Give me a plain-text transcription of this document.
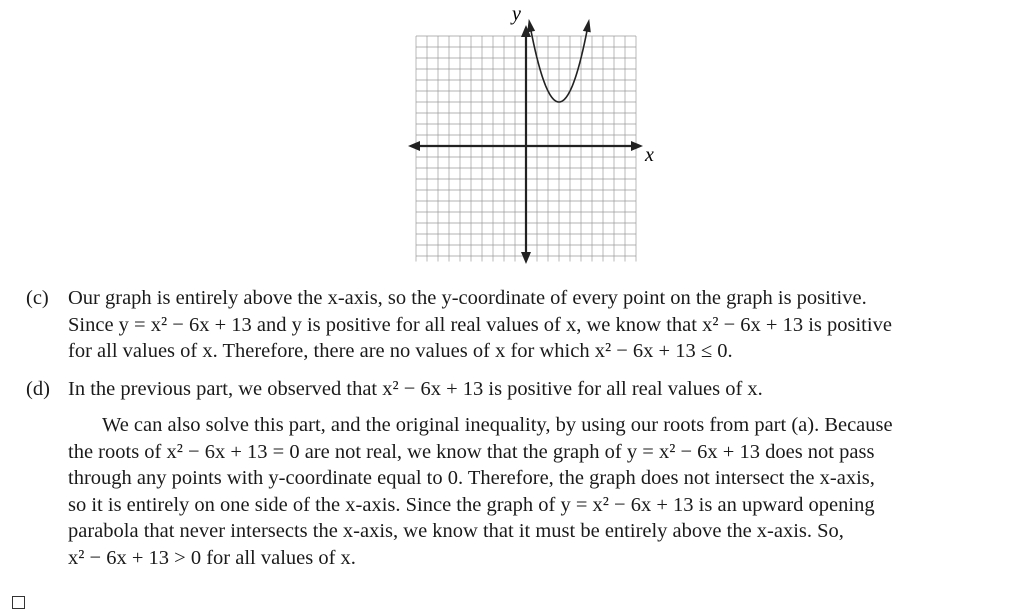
y
x
(c) Our graph is entirely above the x-axis, so the y-coordinate of every point on the graph is positive.

Since y = x² − 6x + 13 and y is positive for all real values of x, we know that x² − 6x + 13 is positive

for all values of x. Therefore, there are no values of x for which x² − 6x + 13 ≤ 0.

(d) In the previous part, we observed that x² − 6x + 13 is positive for all real values of x.

We can also solve this part, and the original inequality, by using our roots from part (a). Because

the roots of x² − 6x + 13 = 0 are not real, we know that the graph of y = x² − 6x + 13 does not pass

through any points with y-coordinate equal to 0. Therefore, the graph does not intersect the x-axis,

so it is entirely on one side of the x-axis. Since the graph of y = x² − 6x + 13 is an upward opening

parabola that never intersects the x-axis, we know that it must be entirely above the x-axis. So,

x² − 6x + 13 > 0 for all values of x.
